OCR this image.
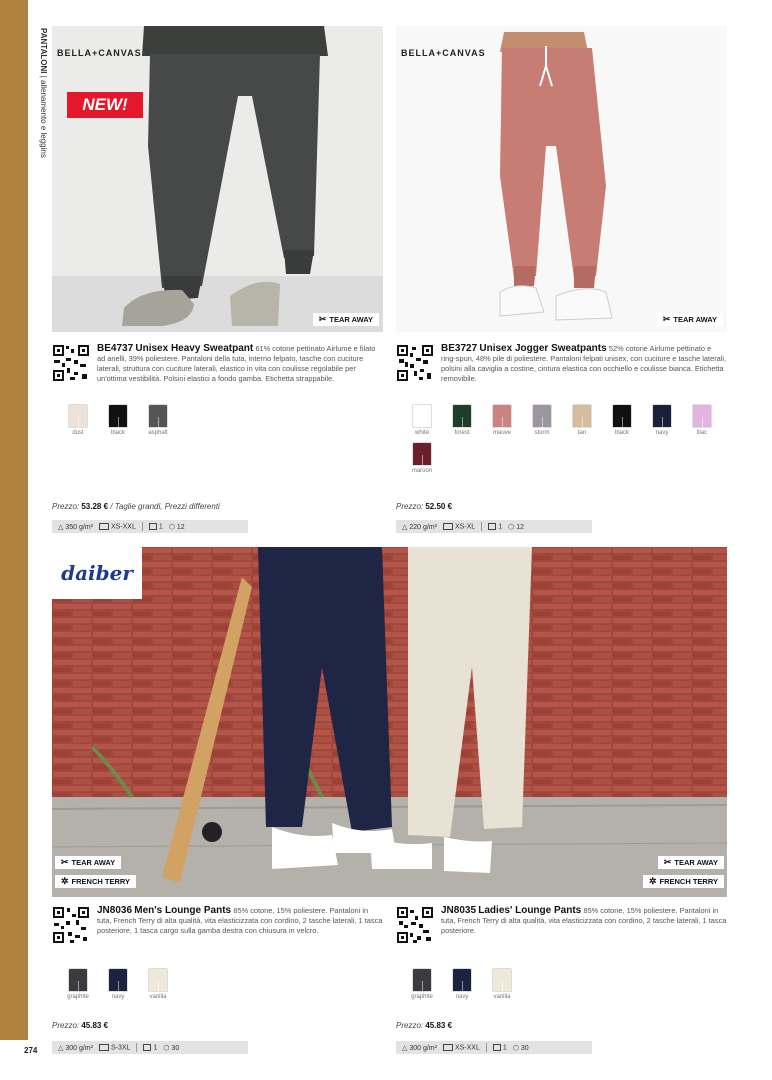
PANTALONI | allenamento e leggins
274
BELLA+CANVAS
NEW!
✂ TEAR AWAY
BELLA+CANVAS
✂ TEAR AWAY
BE4737 Unisex Heavy Sweatpant 61% cotone pettinato Airlume e filato ad anelli, 39% poliestere. Pantaloni della tuta, interno felpato, tasche con cuciture laterali, struttura con cuciture laterali, elastico in vita con coulisse regolabile per un'ottima vestibilità. Polsini elastici a fondo gamba. Etichetta strappabile.
dust	black	asphalt
Prezzo: 53.28 € / Taglie grandi, Prezzi differenti
△ 350 g/m²	XS-XXL	1 ⬡ 12
BE3727 Unisex Jogger Sweatpants 52% cotone Airlume pettinato e ring-spun, 48% pile di poliestere. Pantaloni felpati unisex, con cuciture e tasche laterali, polsini alla caviglia a costine, cintura elastica con occhiello e coulisse bianca. Etichetta removibile.
white	forest	mauve	storm	tan	black	navy	lilac
maroon
Prezzo: 52.50 €
△ 220 g/m²	XS-XL	1 ⬡ 12
daiber
✂ TEAR AWAY
✲ FRENCH TERRY
✂ TEAR AWAY
✲ FRENCH TERRY
JN8036 Men's Lounge Pants 85% cotone, 15% poliestere. Pantaloni in tuta, French Terry di alta qualità, vita elasticizzata con cordino, 2 tasche laterali, 1 tasca posteriore, 1 tasca cargo sulla gamba destra con chiusura in velcro.
graphite	navy	vanilla
Prezzo: 45.83 €
△ 300 g/m²	S-3XL	1 ⬡ 30
JN8035 Ladies' Lounge Pants 85% cotone, 15% poliestere. Pantaloni in tuta, French Terry di alta qualità, vita elasticizzata con cordino, 2 tasche laterali, 1 tasca posteriore.
graphite	navy	vanilla
Prezzo: 45.83 €
△ 300 g/m²	XS-XXL	1 ⬡ 30
